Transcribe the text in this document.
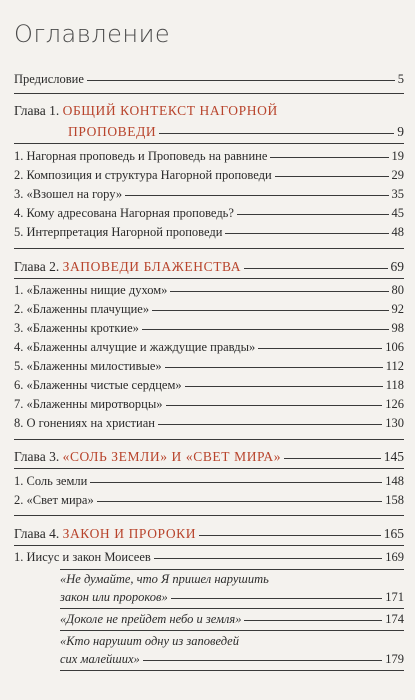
Оглавление
Предисловие	5
Глава 1. ОБЩИЙ КОНТЕКСТ НАГОРНОЙ
ПРОПОВЕДИ	9
1. Нагорная проповедь и Проповедь на равнине	19
2. Композиция и структура Нагорной проповеди	29
3. «Взошел на гору»	35
4. Кому адресована Нагорная проповедь?	45
5. Интерпретация Нагорной проповеди	48
Глава 2. ЗАПОВЕДИ БЛАЖЕНСТВА	69
1. «Блаженны нищие духом»	80
2. «Блаженны плачущие»	92
3. «Блаженны кроткие»	98
4. «Блаженны алчущие и жаждущие правды»	106
5. «Блаженны милостивые»	112
6. «Блаженны чистые сердцем»	118
7. «Блаженны миротворцы»	126
8. О гонениях на христиан	130
Глава 3. «СОЛЬ ЗЕМЛИ» И «СВЕТ МИРА»	145
1. Соль земли	148
2. «Свет мира»	158
Глава 4. ЗАКОН И ПРОРОКИ	165
1. Иисус и закон Моисеев	169
«Не думайте, что Я пришел нарушить
закон или пророков»	171
«Доколе не прейдет небо и земля»	174
«Кто нарушит одну из заповедей
сих малейших»	179
